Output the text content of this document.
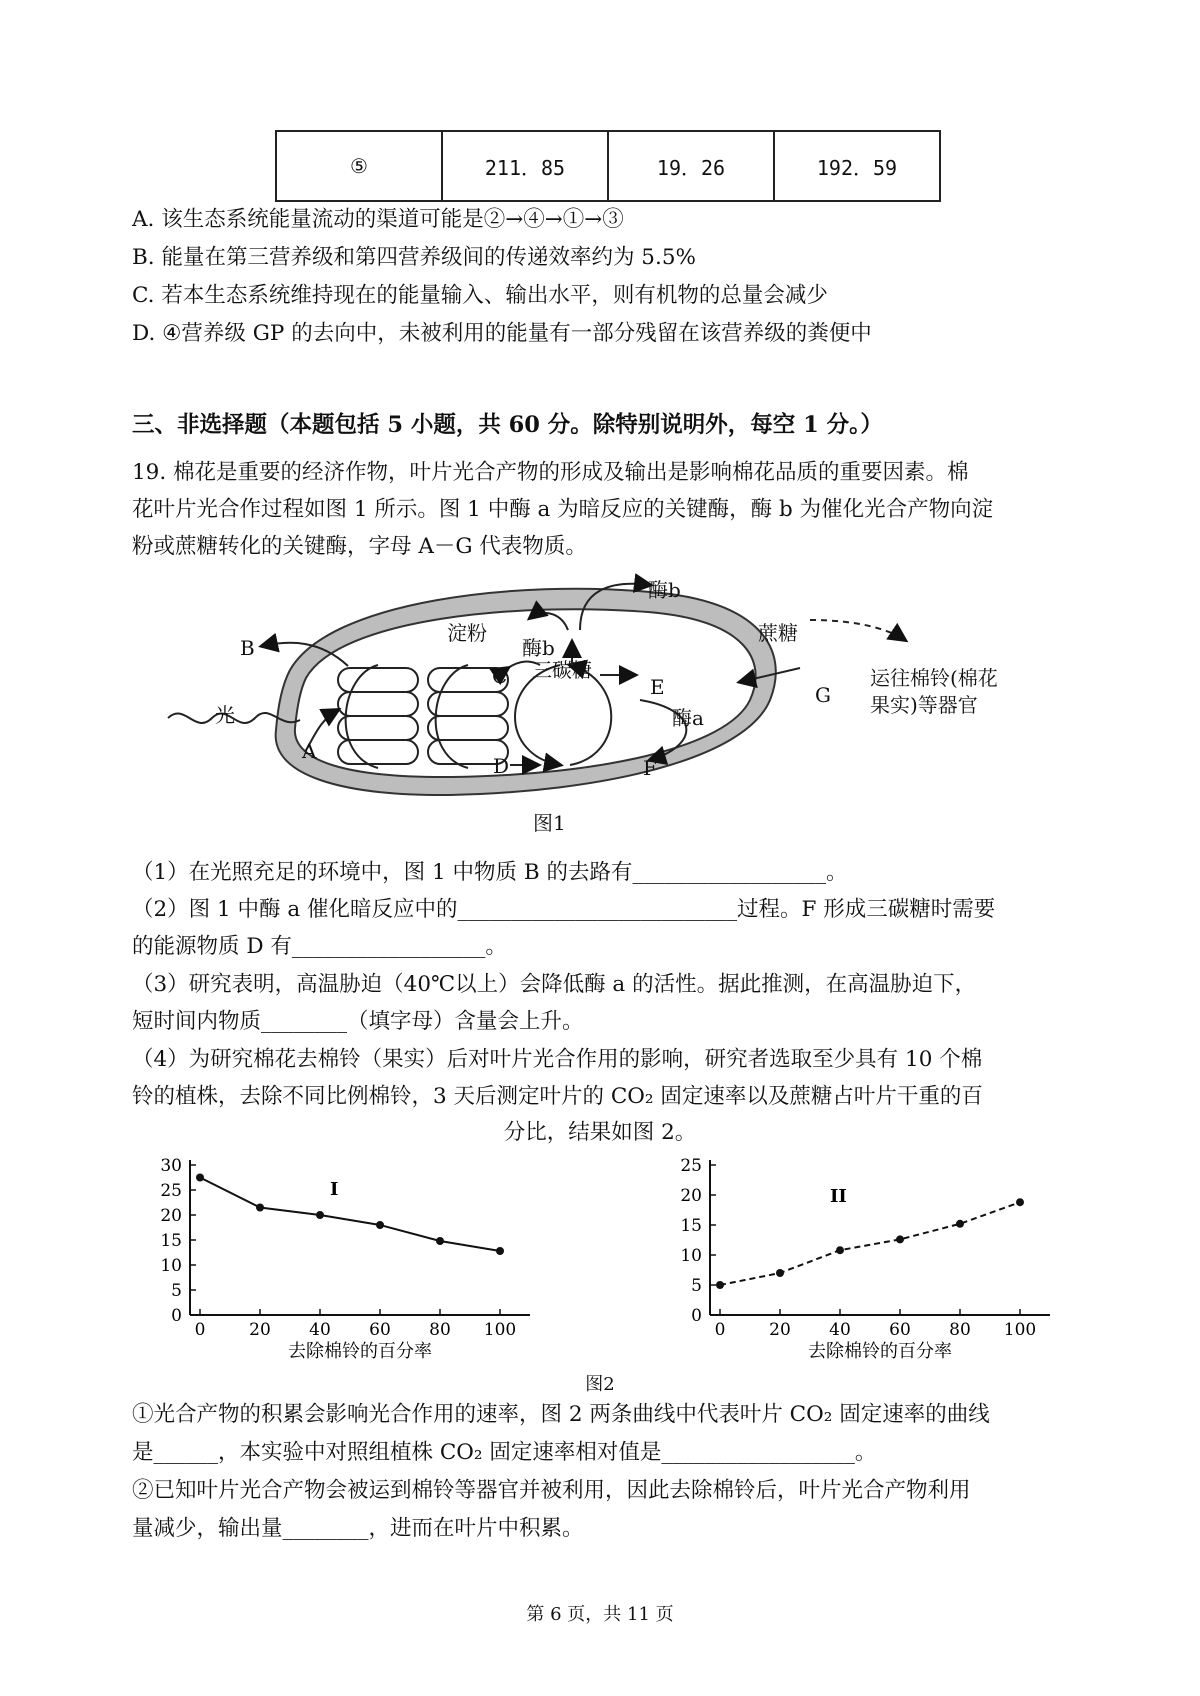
⑤	211．85	19．26	192．59
A. 该生态系统能量流动的渠道可能是②→④→①→③
B. 能量在第三营养级和第四营养级间的传递效率约为 5.5%
C. 若本生态系统维持现在的能量输入、输出水平，则有机物的总量会减少
D. ④营养级 GP 的去向中，未被利用的能量有一部分残留在该营养级的粪便中
三、非选择题（本题包括 5 小题，共 60 分。除特别说明外，每空 1 分。）
19. 棉花是重要的经济作物，叶片光合产物的形成及输出是影响棉花品质的重要因素。棉
花叶片光合作过程如图 1 所示。图 1 中酶 a 为暗反应的关键酶，酶 b 为催化光合产物向淀
粉或蔗糖转化的关键酶，字母 A－G 代表物质。
酶b
淀粉	蔗糖
酶b
三碳糖
B
C	E	G
光	酶a
A
D	F
运往棉铃(棉花
果实)等器官
图1
（1）在光照充足的环境中，图 1 中物质 B 的去路有__________________。
（2）图 1 中酶 a 催化暗反应中的__________________________过程。F 形成三碳糖时需要
的能源物质 D 有__________________。
（3）研究表明，高温胁迫（40℃以上）会降低酶 a 的活性。据此推测，在高温胁迫下，
短时间内物质________（填字母）含量会上升。
（4）为研究棉花去棉铃（果实）后对叶片光合作用的影响，研究者选取至少具有 10 个棉
铃的植株，去除不同比例棉铃，3 天后测定叶片的 CO₂ 固定速率以及蔗糖占叶片干重的百
分比，结果如图 2。
0
5
10
15
20
25
30
0	20 40 60 80 100
去除棉铃的百分率
I
0
5
10
15
20
25
0	20 40 60 80 100
去除棉铃的百分率
II
图2
①光合产物的积累会影响光合作用的速率，图 2 两条曲线中代表叶片 CO₂ 固定速率的曲线
是______，本实验中对照组植株 CO₂ 固定速率相对值是__________________。
②已知叶片光合产物会被运到棉铃等器官并被利用，因此去除棉铃后，叶片光合产物利用
量减少，输出量________，进而在叶片中积累。
第 6 页，共 11 页
